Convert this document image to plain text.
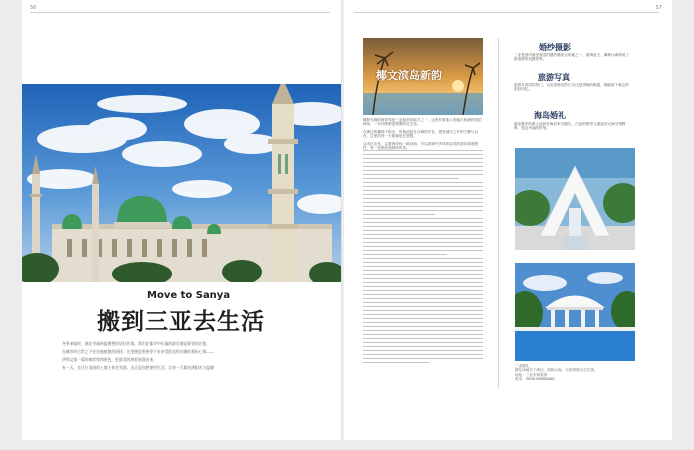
56
Move to Sanya
搬到三亚去生活
冬季来临时，满足幸福的最理想的居住环境。我们在都市中忙碌的最后满是紧张的迁徙，
在城市的日常之下往往被疲惫的困扰，这里便是想要停下来享受阳光和沙滩的那份心情——
伊利文第一篇的海岸线和景色，把最美的海景展现出来，
有一天，在这片美丽的土地上你会发现，这正是你想要的生活，让每一天都充满阳光与温暖
57
椰文滨岛新韵

椰梦长廊的海岸线是三亚最美的地方之一，这里有着迷人的落日和最舒适的海风，一年四季都是度假的好去处。

在海边的椰林下散步，听海浪拍打沙滩的声音，感受城市之外的宁静与自在，这里的每一天都像是在度假。

从市区出发，沿着海岸线一路向西，可以看到许多风格各异的酒店和度假村，每一处都有独特的风景。

婚纱摄影
三亚是国内最受欢迎的婚纱摄影目的地之一，碧海蓝天、椰林沙滩构成了最浪漫的拍摄背景。
旅游写真
旅游写真同样热门，无论是海边的日出还是傍晚的晚霞，都能留下难忘的美好回忆。
海岛婚礼
越来越多的新人选择在海岛举办婚礼，白色的教堂与湛蓝的大海交相辉映，见证幸福的时刻。
三亚婚礼
婚礼场地位于海边，面朝大海，可容纳数百位宾客。
地址：三亚市海棠湾
电话：0898-88888888
